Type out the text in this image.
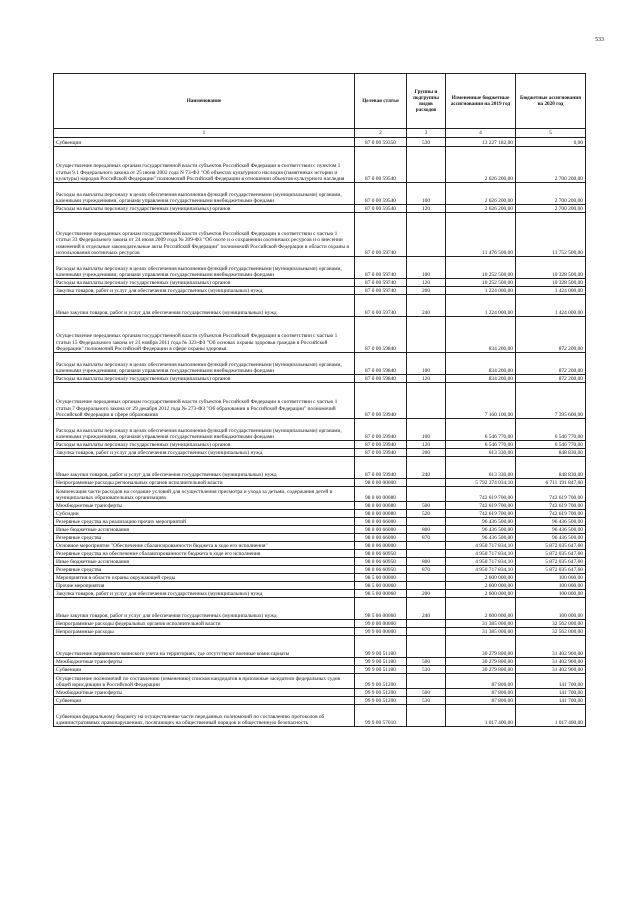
533
Наименование	Целевая статья	Группы и подгруппы видов расходов	Измененные бюджетные ассигнования на 2019 год	Бюджетные ассигнования на 2020 год
1	2	3	4	5
Субвенции	87 0 00 59350	530	13 227 182,00	0,00
Осуществление переданных органам государственной власти субъектов Российской Федерации в соответствии с пунктом 1 статьи 9.1 Федерального закона от 25 июня 2002 года N 73-ФЗ "Об объектах культурного наследия (памятниках истории и культуры) народов Российской Федерации" полномочий Российской Федерации в отношении объектов культурного наследия	87 0 00 59540		2 626 200,00	2 700 200,00
Расходы на выплаты персоналу в целях обеспечения выполнения функций государственными (муниципальными) органами, казенными учреждениями, органами управления государственными внебюджетными фондами	87 0 00 59540	100	2 626 200,00	2 700 200,00
Расходы на выплаты персоналу государственных (муниципальных) органов	87 0 00 59540	120	2 626 200,00	2 700 200,00
Осуществление переданных органам государственной власти субъектов Российской Федерации в соответствии с частью 1 статьи 33 Федерального закона от 24 июля 2009 года № 209-ФЗ "Об охоте и о сохранении охотничьих ресурсов и о внесении изменений в отдельные законодательные акты Российской Федерации" полномочий Российской Федерации в области охраны и использования охотничьих ресурсов	87 0 00 59740		11 476 500,00	11 752 500,00
Расходы на выплаты персоналу в целях обеспечения выполнения функций государственными (муниципальными) органами, казенными учреждениями, органами управления государственными внебюджетными фондами	87 0 00 59740	100	10 252 500,00	10 328 500,00
Расходы на выплаты персоналу государственных (муниципальных) органов	87 0 00 59740	120	10 252 500,00	10 328 500,00
Закупка товаров, работ и услуг для обеспечения государственных (муниципальных) нужд	87 0 00 59740	200	1 224 000,00	1 424 000,00
Иные закупки товаров, работ и услуг для обеспечения государственных (муниципальных) нужд	87 0 00 59740	240	1 224 000,00	1 424 000,00
Осуществление переданных органам государственной власти субъектов Российской Федерации в соответствии с частью 1 статьи 15 Федерального закона от 21 ноября 2011 года № 323-ФЗ "Об основах охраны здоровья граждан в Российской Федерации" полномочий Российской Федерации в сфере охраны здоровья	87 0 00 59840		834 200,00	872 200,00
Расходы на выплаты персоналу в целях обеспечения выполнения функций государственными (муниципальными) органами, казенными учреждениями, органами управления государственными внебюджетными фондами	87 0 00 59840	100	834 200,00	872 200,00
Расходы на выплаты персоналу государственных (муниципальных) органов	87 0 00 59840	120	834 200,00	872 200,00
Осуществление переданных органам государственной власти субъектов Российской Федерации в соответствии с частью 1 статьи 7 Федерального закона от 29 декабря 2012 года № 273-ФЗ "Об образовании в Российской Федерации" полномочий Российской Федерации в сфере образования	87 0 00 59940		7 160 100,00	7 395 600,00
Расходы на выплаты персоналу в целях обеспечения выполнения функций государственными (муниципальными) органами, казенными учреждениями, органами управления государственными внебюджетными фондами	87 0 00 59940	100	6 546 770,00	6 546 770,00
Расходы на выплаты персоналу государственных (муниципальных) органов	87 0 00 59940	120	6 546 770,00	6 546 770,00
Закупка товаров, работ и услуг для обеспечения государственных (муниципальных) нужд	87 0 00 59940	200	613 330,00	848 830,00
Иные закупки товаров, работ и услуг для обеспечения государственных (муниципальных) нужд	87 0 00 59940	240	613 330,00	848 830,00
Непрограммные расходы региональных органов исполнительной власти	98 0 00 00000		5 792 374 034,10	6 711 191 847,60
Компенсация части расходов на создание условий для осуществления присмотра и ухода за детьми, содержания детей в муниципальных образовательных организациях	98 0 00 00080		742 619 700,00	742 619 700,00
Межбюджетные трансферты	98 0 00 00080	500	742 619 700,00	742 619 700,00
Субсидии	98 0 00 00080	520	742 619 700,00	742 619 700,00
Резервные средства на реализацию прочих мероприятий	98 0 00 66000		96 436 500,00	96 436 500,00
Иные бюджетные ассигнования	98 0 00 66000	800	96 436 500,00	96 436 500,00
Резервные средства	98 0 00 66000	870	96 436 500,00	96 436 500,00
Основное мероприятие "Обеспечение сбалансированности бюджета в ходе его исполнения"	98 0 06 00000		4 950 717 834,10	5 872 035 647,60
Резервные средства на обеспечение сбалансированности бюджета в ходе его исполнения	98 0 06 60950		4 950 717 834,10	5 872 035 647,60
Иные бюджетные ассигнования	98 0 06 60950	800	4 950 717 834,10	5 872 035 647,60
Резервные средства	98 0 06 60950	870	4 950 717 834,10	5 872 035 647,60
Мероприятия в области охраны окружающей среды	98 5 00 00000		2 600 000,00	100 000,00
Прочие мероприятия	98 5 00 00060		2 600 000,00	100 000,00
Закупка товаров, работ и услуг для обеспечения государственных (муниципальных) нужд	98 5 00 00060	200	2 600 000,00	100 000,00
Иные закупки товаров, работ и услуг для обеспечения государственных (муниципальных) нужд	98 5 00 00060	240	2 600 000,00	100 000,00
Непрограммные расходы федеральных органов исполнительной власти	99 0 00 00000		31 385 000,00	32 562 000,00
Непрограммные расходы	99 9 00 00000		31 385 000,00	32 562 000,00
Осуществление первичного воинского учета на территориях, где отсутствуют военные комиссариаты	99 9 00 51180		30 279 800,00	31 402 900,00
Межбюджетные трансферты	99 9 00 51180	500	30 279 800,00	31 402 900,00
Субвенции	99 9 00 51180	530	30 279 800,00	31 402 900,00
Осуществление полномочий по составлению (изменению) списков кандидатов в присяжные заседатели федеральных судов общей юрисдикции в Российской Федерации	99 9 00 51200		87 800,00	141 700,00
Межбюджетные трансферты	99 9 00 51200	500	87 800,00	141 700,00
Субвенции	99 9 00 51200	530	87 800,00	141 700,00
Субвенция федеральному бюджету на осуществление части переданных полномочий по составлению протоколов об административных правонарушениях, посягающих на общественный порядок и общественную безопасность	99 9 00 57010		1 017 400,00	1 017 400,00
